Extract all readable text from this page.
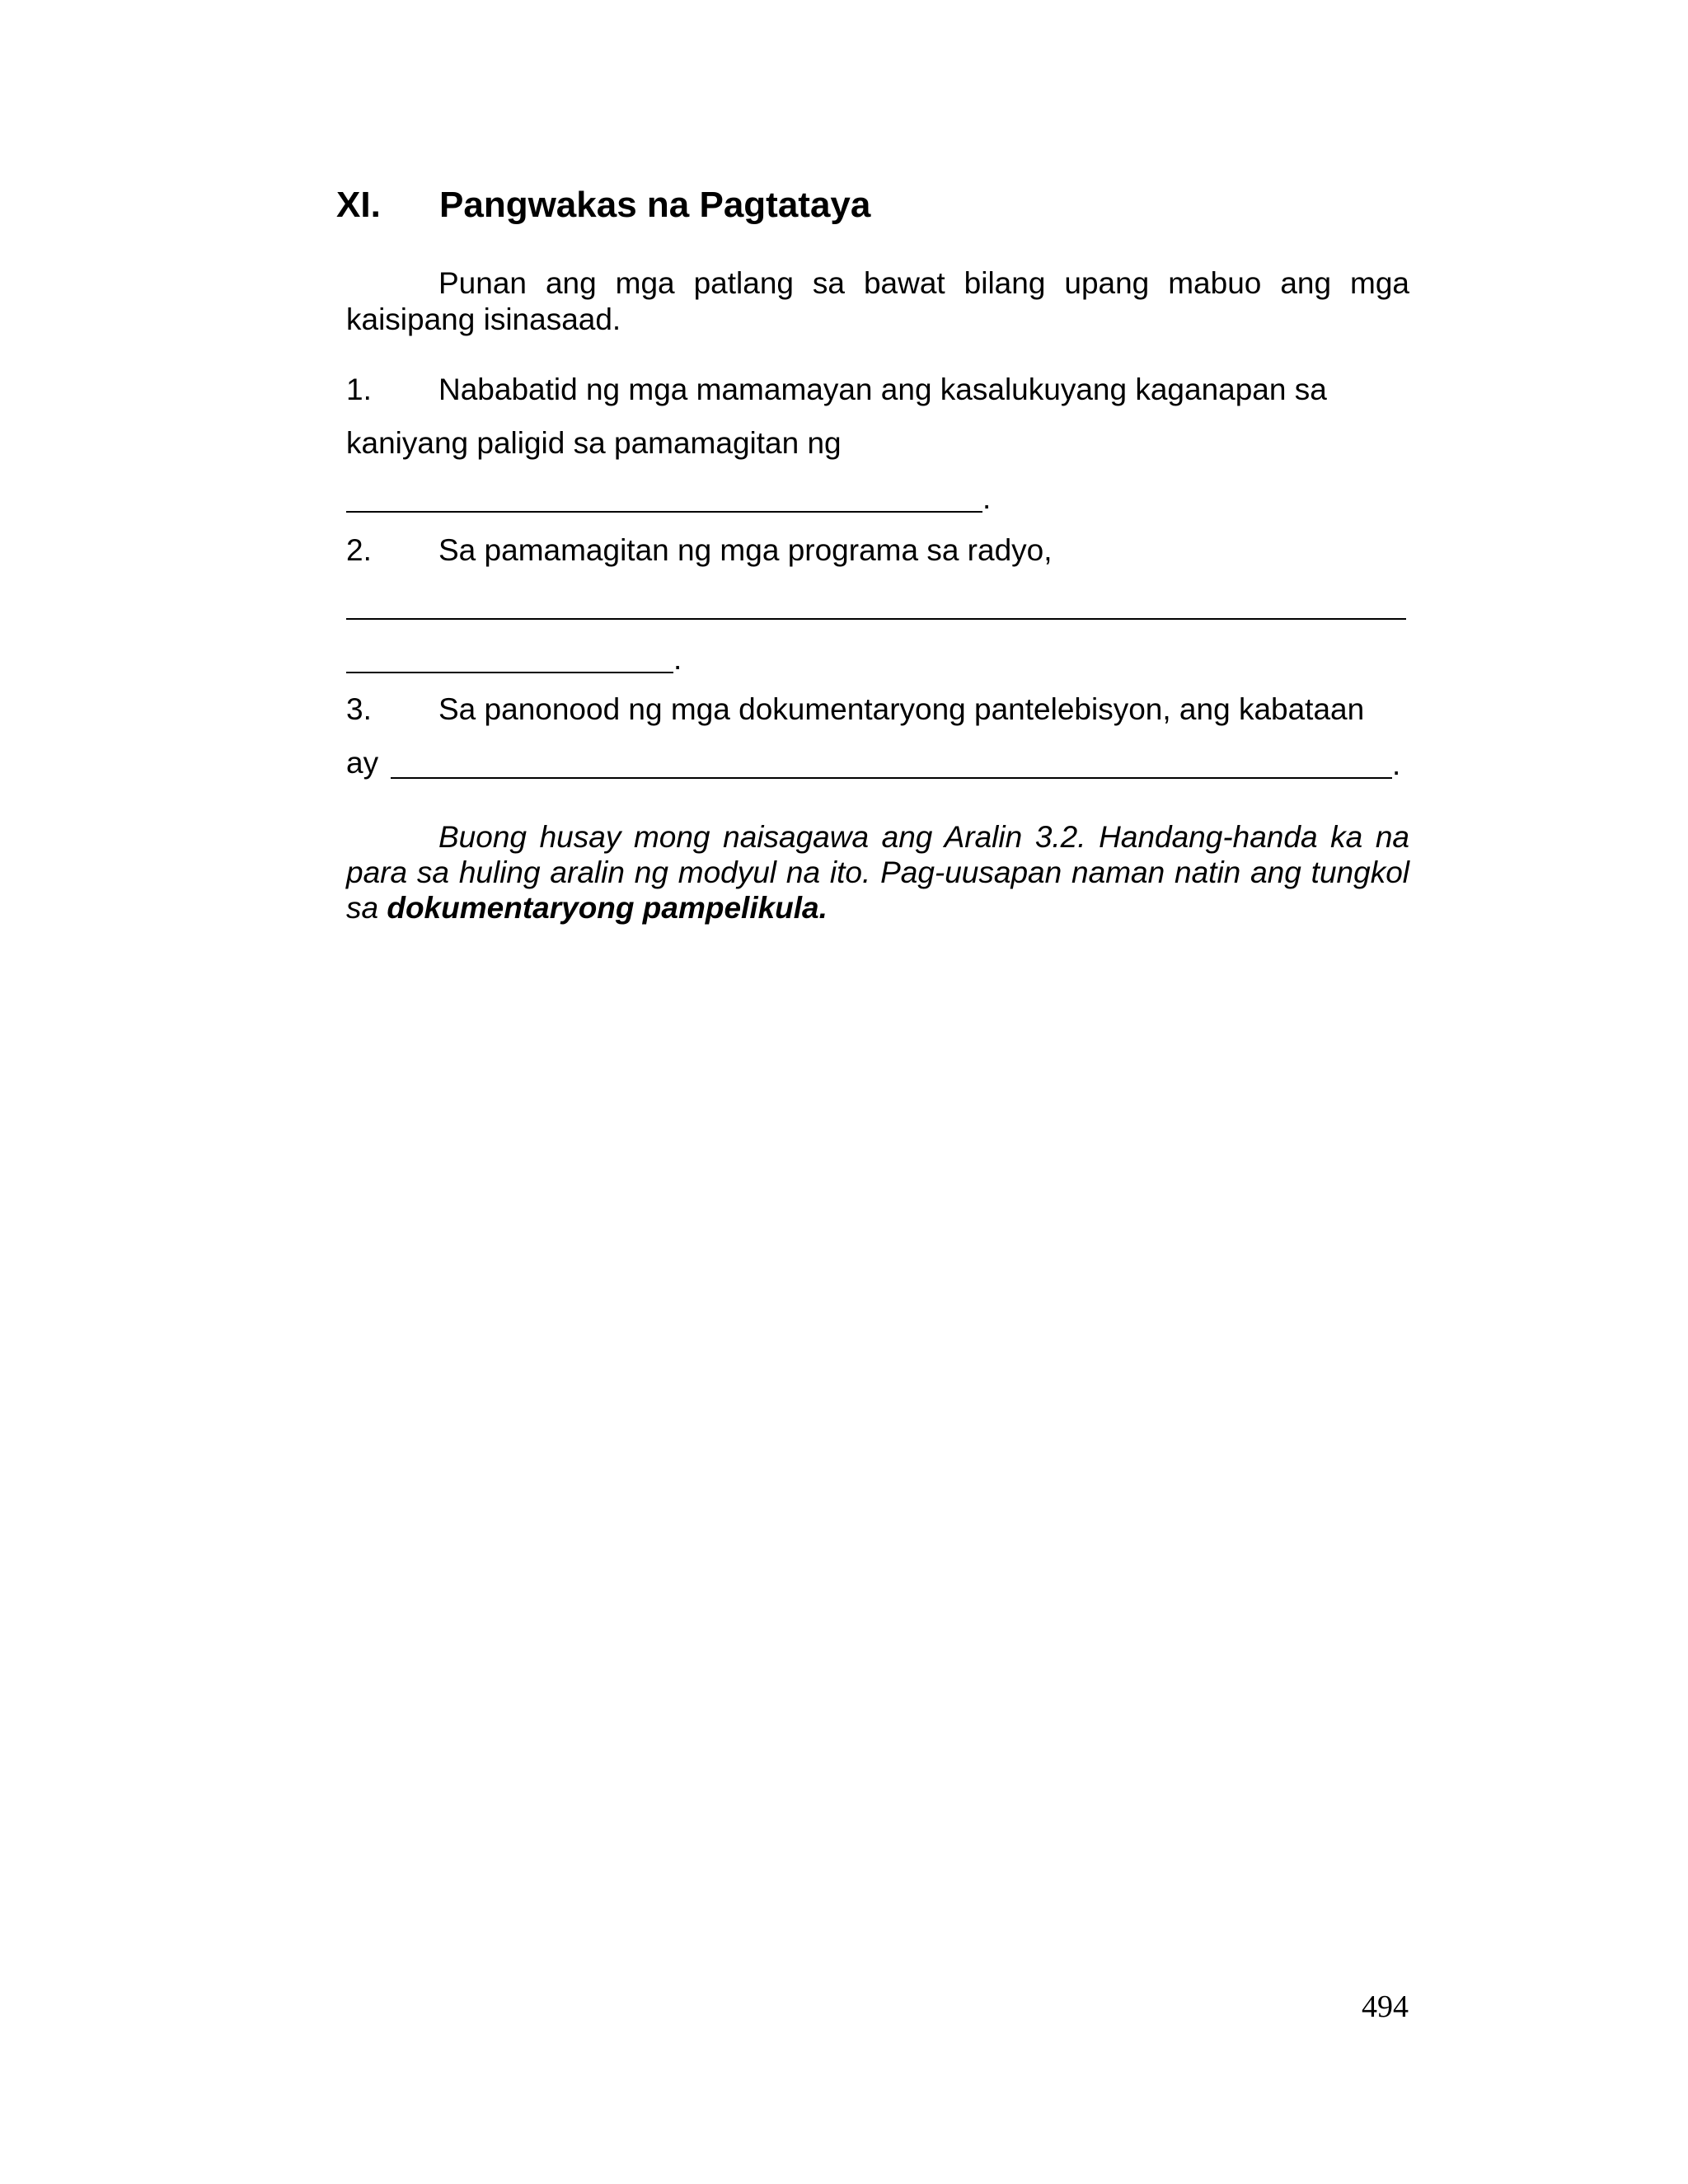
XI. Pangwakas na Pagtataya
Punan ang mga patlang sa bawat bilang upang mabuo ang mga kaisipang isinasaad.
1. Nababatid ng mga mamamayan ang kasalukuyang kaganapan sa
kaniyang paligid sa pamamagitan ng
.
2. Sa pamamagitan ng mga programa sa radyo,
.
3. Sa panonood ng mga dokumentaryong pantelebisyon, ang kabataan
ay	.
Buong husay mong naisagawa ang Aralin 3.2. Handang-handa ka na para sa huling aralin ng modyul na ito. Pag-uusapan naman natin ang tungkol sa dokumentaryong pampelikula.
494
